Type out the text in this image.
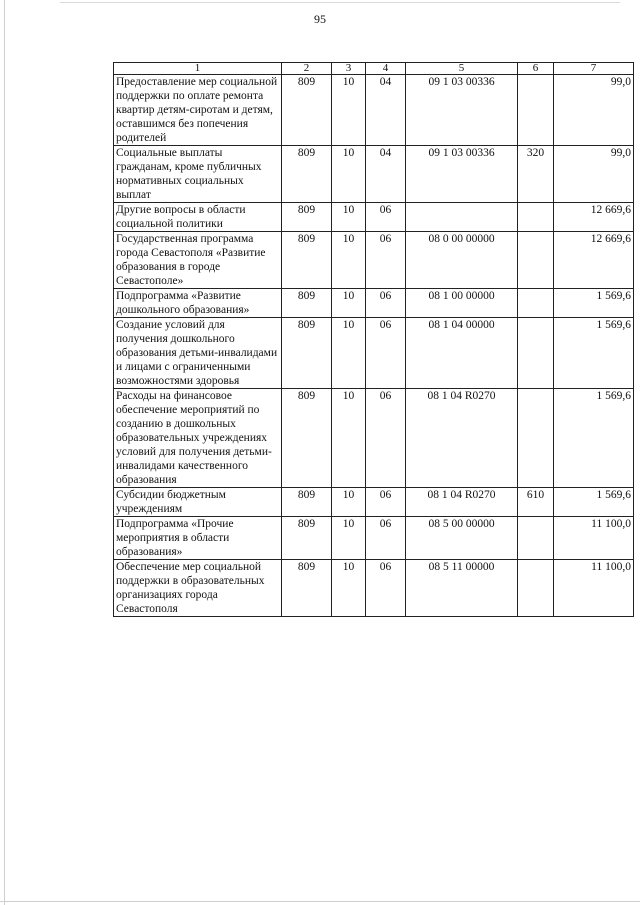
95
1	2	3	4	5	6	7
Предоставление мер социальной поддержки по оплате ремонта квартир детям-сиротам и детям, оставшимся без попечения родителей	809	10	04	09 1 03 00336		99,0
Социальные выплаты гражданам, кроме публичных нормативных социальных выплат	809	10	04	09 1 03 00336	320	99,0
Другие вопросы в области социальной политики	809	10	06			12 669,6
Государственная программа города Севастополя «Развитие образования в городе Севастополе»	809	10	06	08 0 00 00000		12 669,6
Подпрограмма «Развитие дошкольного образования»	809	10	06	08 1 00 00000		1 569,6
Создание условий для получения дошкольного образования детьми-инвалидами и лицами с ограниченными возможностями здоровья	809	10	06	08 1 04 00000		1 569,6
Расходы на финансовое обеспечение мероприятий по созданию в дошкольных образовательных учреждениях условий для получения детьми-инвалидами качественного образования	809	10	06	08 1 04 R0270		1 569,6
Субсидии бюджетным учреждениям	809	10	06	08 1 04 R0270	610	1 569,6
Подпрограмма «Прочие мероприятия в области образования»	809	10	06	08 5 00 00000		11 100,0
Обеспечение мер социальной поддержки в образовательных организациях города Севастополя	809	10	06	08 5 11 00000		11 100,0
